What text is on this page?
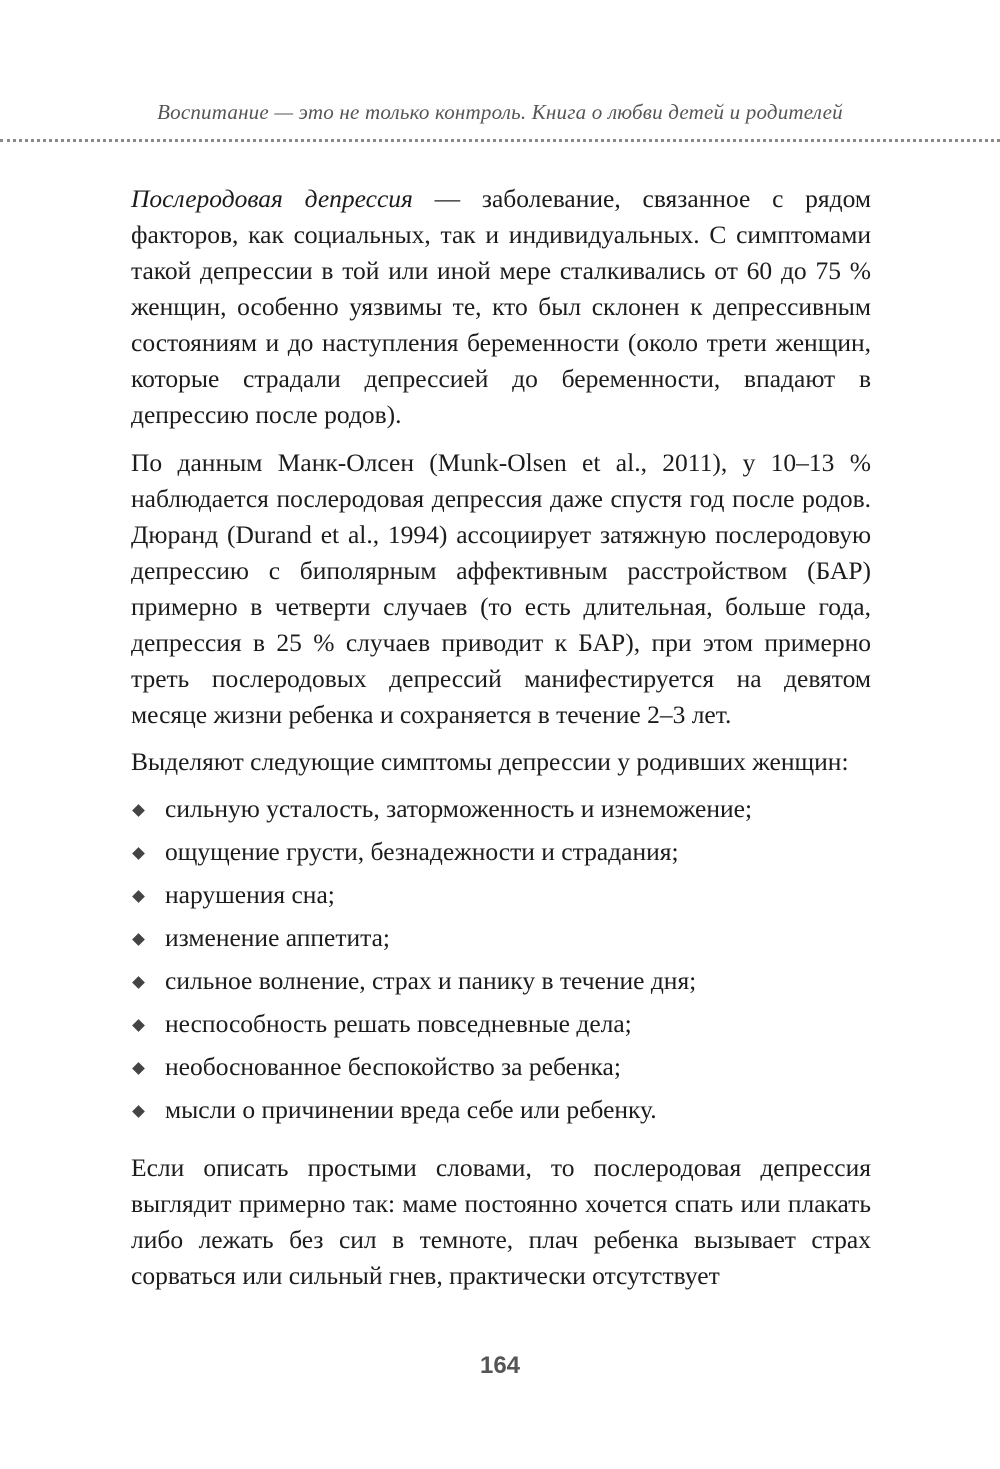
Воспитание — это не только контроль. Книга о любви детей и родителей

Послеродовая депрессия — заболевание, связанное с рядом факторов, как социальных, так и индивидуальных. С симптомами такой депрессии в той или иной мере сталкивались от 60 до 75 % женщин, особенно уязвимы те, кто был склонен к депрессивным состояниям и до наступления беременности (около трети женщин, которые страдали депрессией до беременности, впадают в депрессию после родов).

По данным Манк-Олсен (Munk-Olsen et al., 2011), у 10–13 % наблюдается послеродовая депрессия даже спустя год после родов. Дюранд (Durand et al., 1994) ассоциирует затяжную послеродовую депрессию с биполярным аффективным расстройством (БАР) примерно в четверти случаев (то есть длительная, больше года, депрессия в 25 % случаев приводит к БАР), при этом примерно треть послеродовых депрессий манифестируется на девятом месяце жизни ребенка и сохраняется в течение 2–3 лет.

Выделяют следующие симптомы депрессии у родивших женщин:

сильную усталость, заторможенность и изнеможение;
ощущение грусти, безнадежности и страдания;
нарушения сна;
изменение аппетита;
сильное волнение, страх и панику в течение дня;
неспособность решать повседневные дела;
необоснованное беспокойство за ребенка;
мысли о причинении вреда себе или ребенку.

Если описать простыми словами, то послеродовая депрессия выглядит примерно так: маме постоянно хочется спать или плакать либо лежать без сил в темноте, плач ребенка вызывает страх сорваться или сильный гнев, практически отсутствует

164
